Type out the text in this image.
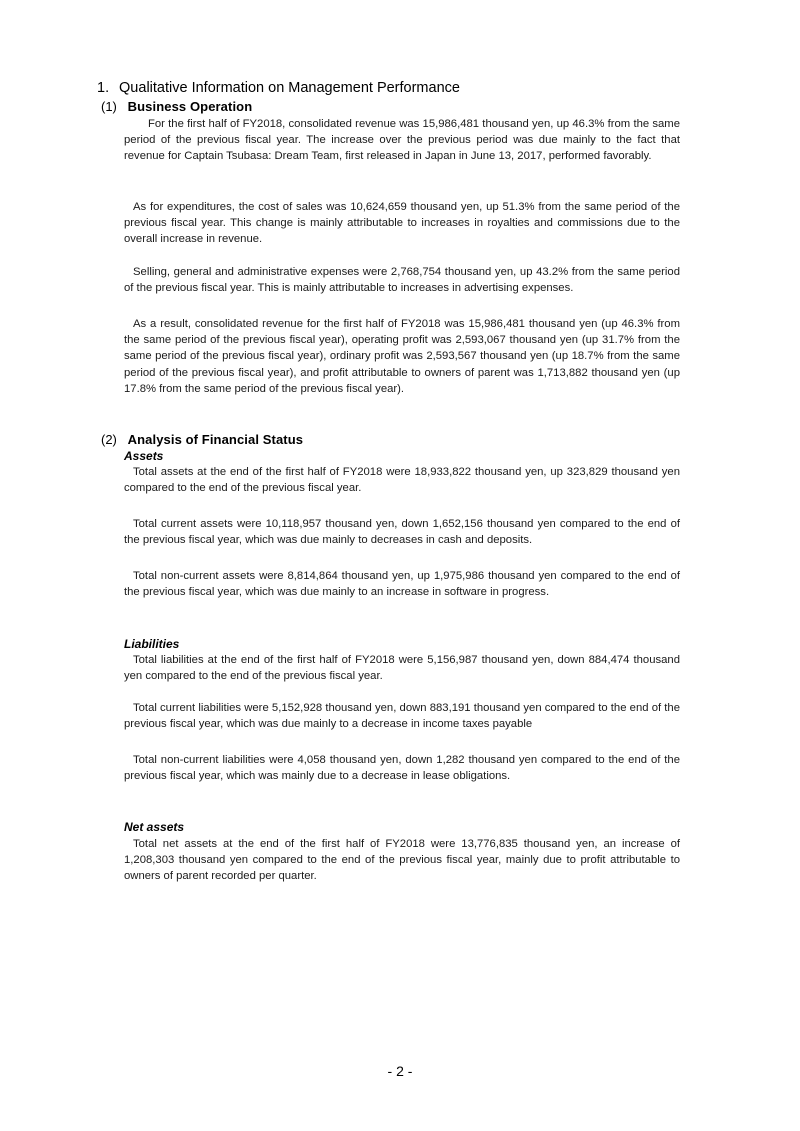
1. Qualitative Information on Management Performance
(1) Business Operation

For the first half of FY2018, consolidated revenue was 15,986,481 thousand yen, up 46.3% from the same period of the previous fiscal year. The increase over the previous period was due mainly to the fact that revenue for Captain Tsubasa: Dream Team, first released in Japan in June 13, 2017, performed favorably.

As for expenditures, the cost of sales was 10,624,659 thousand yen, up 51.3% from the same period of the previous fiscal year. This change is mainly attributable to increases in royalties and commissions due to the overall increase in revenue.

Selling, general and administrative expenses were 2,768,754 thousand yen, up 43.2% from the same period of the previous fiscal year. This is mainly attributable to increases in advertising expenses.

As a result, consolidated revenue for the first half of FY2018 was 15,986,481 thousand yen (up 46.3% from the same period of the previous fiscal year), operating profit was 2,593,067 thousand yen (up 31.7% from the same period of the previous fiscal year), ordinary profit was 2,593,567 thousand yen (up 18.7% from the same period of the previous fiscal year), and profit attributable to owners of parent was 1,713,882 thousand yen (up 17.8% from the same period of the previous fiscal year).

(2) Analysis of Financial Status
Assets

Total assets at the end of the first half of FY2018 were 18,933,822 thousand yen, up 323,829 thousand yen compared to the end of the previous fiscal year.

Total current assets were 10,118,957 thousand yen, down 1,652,156 thousand yen compared to the end of the previous fiscal year, which was due mainly to decreases in cash and deposits.

Total non-current assets were 8,814,864 thousand yen, up 1,975,986 thousand yen compared to the end of the previous fiscal year, which was due mainly to an increase in software in progress.

Liabilities

Total liabilities at the end of the first half of FY2018 were 5,156,987 thousand yen, down 884,474 thousand yen compared to the end of the previous fiscal year.

Total current liabilities were 5,152,928 thousand yen, down 883,191 thousand yen compared to the end of the previous fiscal year, which was due mainly to a decrease in income taxes payable

Total non-current liabilities were 4,058 thousand yen, down 1,282 thousand yen compared to the end of the previous fiscal year, which was mainly due to a decrease in lease obligations.

Net assets

Total net assets at the end of the first half of FY2018 were 13,776,835 thousand yen, an increase of 1,208,303 thousand yen compared to the end of the previous fiscal year, mainly due to profit attributable to owners of parent recorded per quarter.

- 2 -
